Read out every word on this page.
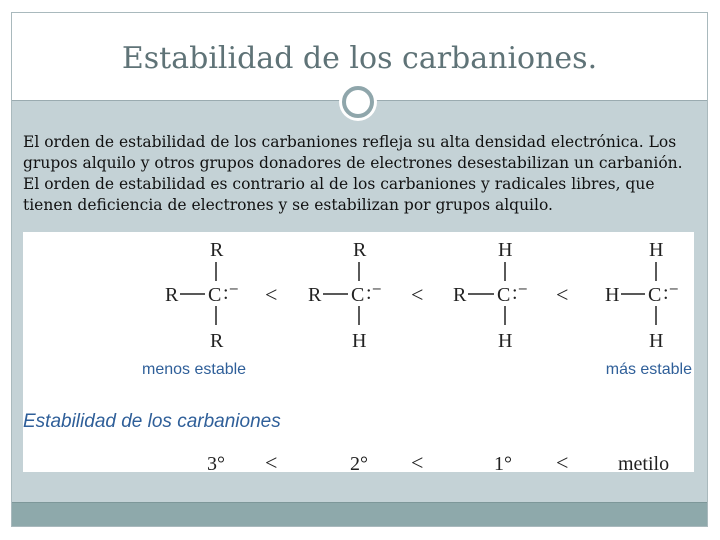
Estabilidad de los carbaniones.
El orden de estabilidad de los carbaniones refleja su alta densidad electrónica. Los
grupos alquilo y otros grupos donadores de electrones desestabilizan un carbanión.
El orden de estabilidad es contrario al de los carbaniones y radicales libres, que
tienen deficiencia de electrones y se estabilizan por grupos alquilo.
R
R C :⁻
R
<
R
R C :⁻
H
<
H
R C :⁻
H
<
H
H C :⁻
H
menos estable	más estable
Estabilidad de los carbaniones
3° <	2° <	1° < metilo
